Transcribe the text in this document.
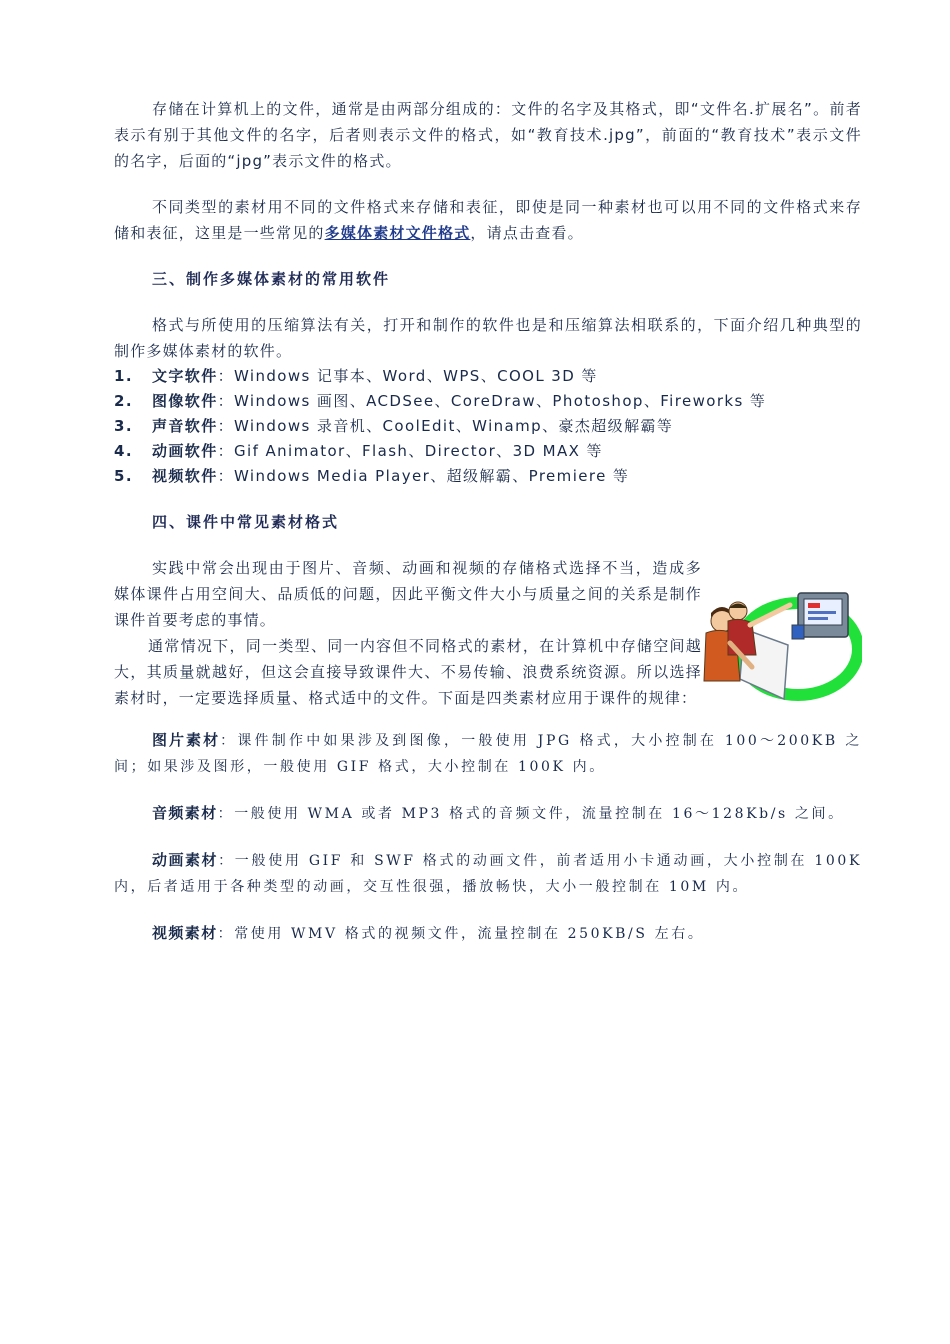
存储在计算机上的文件，通常是由两部分组成的：文件的名字及其格式，即“文件名.扩展名”。前者表示有别于其他文件的名字，后者则表示文件的格式，如“教育技术.jpg”，前面的“教育技术”表示文件的名字，后面的“jpg”表示文件的格式。

不同类型的素材用不同的文件格式来存储和表征，即使是同一种素材也可以用不同的文件格式来存储和表征，这里是一些常见的多媒体素材文件格式，请点击查看。

三、制作多媒体素材的常用软件

格式与所使用的压缩算法有关，打开和制作的软件也是和压缩算法相联系的，下面介绍几种典型的制作多媒体素材的软件。

1.	文字软件：Windows 记事本、Word、WPS、COOL 3D 等
2.	图像软件：Windows 画图、ACDSee、CoreDraw、Photoshop、Fireworks 等
3.	声音软件：Windows 录音机、CoolEdit、Winamp、豪杰超级解霸等
4.	动画软件：Gif Animator、Flash、Director、3D MAX 等
5.	视频软件：Windows Media Player、超级解霸、Premiere 等
四、课件中常见素材格式

实践中常会出现由于图片、音频、动画和视频的存储格式选择不当，造成多媒体课件占用空间大、品质低的问题，因此平衡文件大小与质量之间的关系是制作课件首要考虑的事情。

通常情况下，同一类型、同一内容但不同格式的素材，在计算机中存储空间越大，其质量就越好，但这会直接导致课件大、不易传输、浪费系统资源。所以选择素材时，一定要选择质量、格式适中的文件。下面是四类素材应用于课件的规律：

图片素材：课件制作中如果涉及到图像，一般使用 JPG 格式，大小控制在 100～200KB 之间；如果涉及图形，一般使用 GIF 格式，大小控制在 100K 内。

音频素材：一般使用 WMA 或者 MP3 格式的音频文件，流量控制在 16～128Kb/s 之间。

动画素材：一般使用 GIF 和 SWF 格式的动画文件，前者适用小卡通动画，大小控制在 100K 内，后者适用于各种类型的动画，交互性很强，播放畅快，大小一般控制在 10M 内。

视频素材：常使用 WMV 格式的视频文件，流量控制在 250KB/S 左右。
